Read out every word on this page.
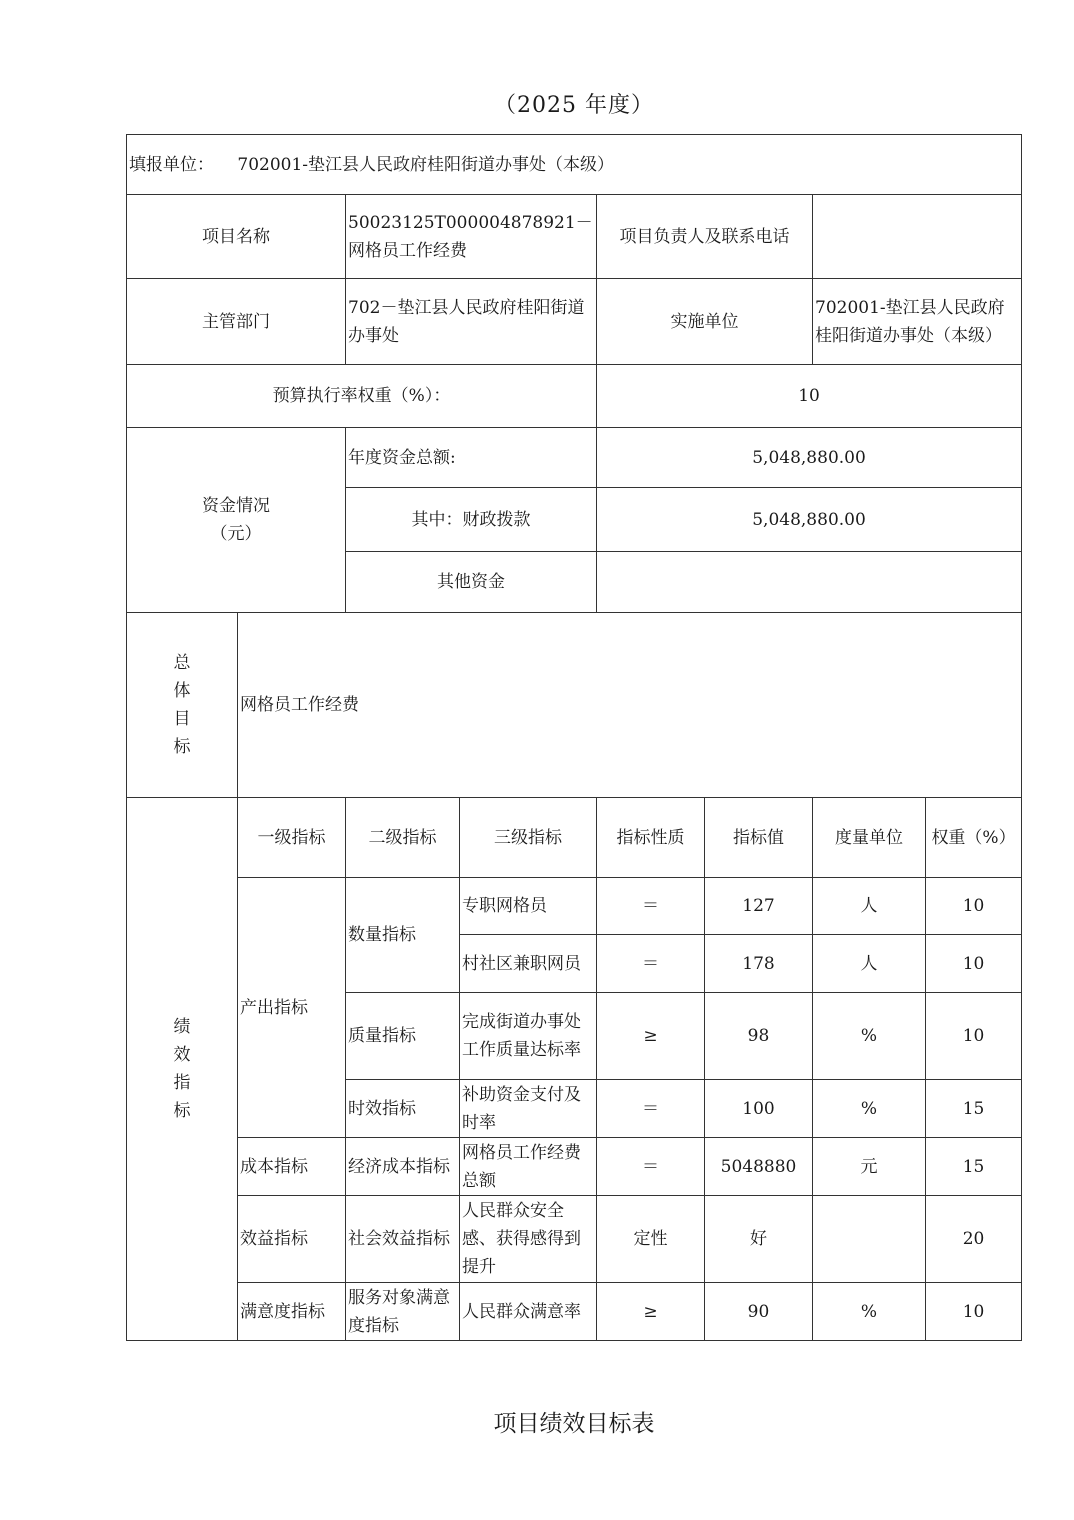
（2025 年度）
填报单位： 702001-垫江县人民政府桂阳街道办事处（本级）							
项目名称		50023125T000004878921－网格员工作经费		项目负责人及联系电话			
主管部门		702－垫江县人民政府桂阳街道办事处		实施单位		702001-垫江县人民政府桂阳街道办事处（本级）	
预算执行率权重（%）：				10			

资金情况
（元）		年度资金总额:		5,048,880.00			
		其中：财政拨款		5,048,880.00			
		其他资金					

总
体
目
标	网格员工作经费						

绩
效
指
标	一级指标	二级指标	三级指标	指标性质	指标值	度量单位	权重（%）
	产出指标	数量指标	专职网格员	＝	127	人	10
			村社区兼职网员	＝	178	人	10
		质量指标	完成街道办事处工作质量达标率	≥	98	%	10
		时效指标	补助资金支付及时率	＝	100	%	15
	成本指标	经济成本指标	网格员工作经费总额	＝	5048880	元	15
	效益指标	社会效益指标	人民群众安全感、获得感得到提升	定性	好		20
	满意度指标	服务对象满意度指标	人民群众满意率	≥	90	%	10
项目绩效目标表
